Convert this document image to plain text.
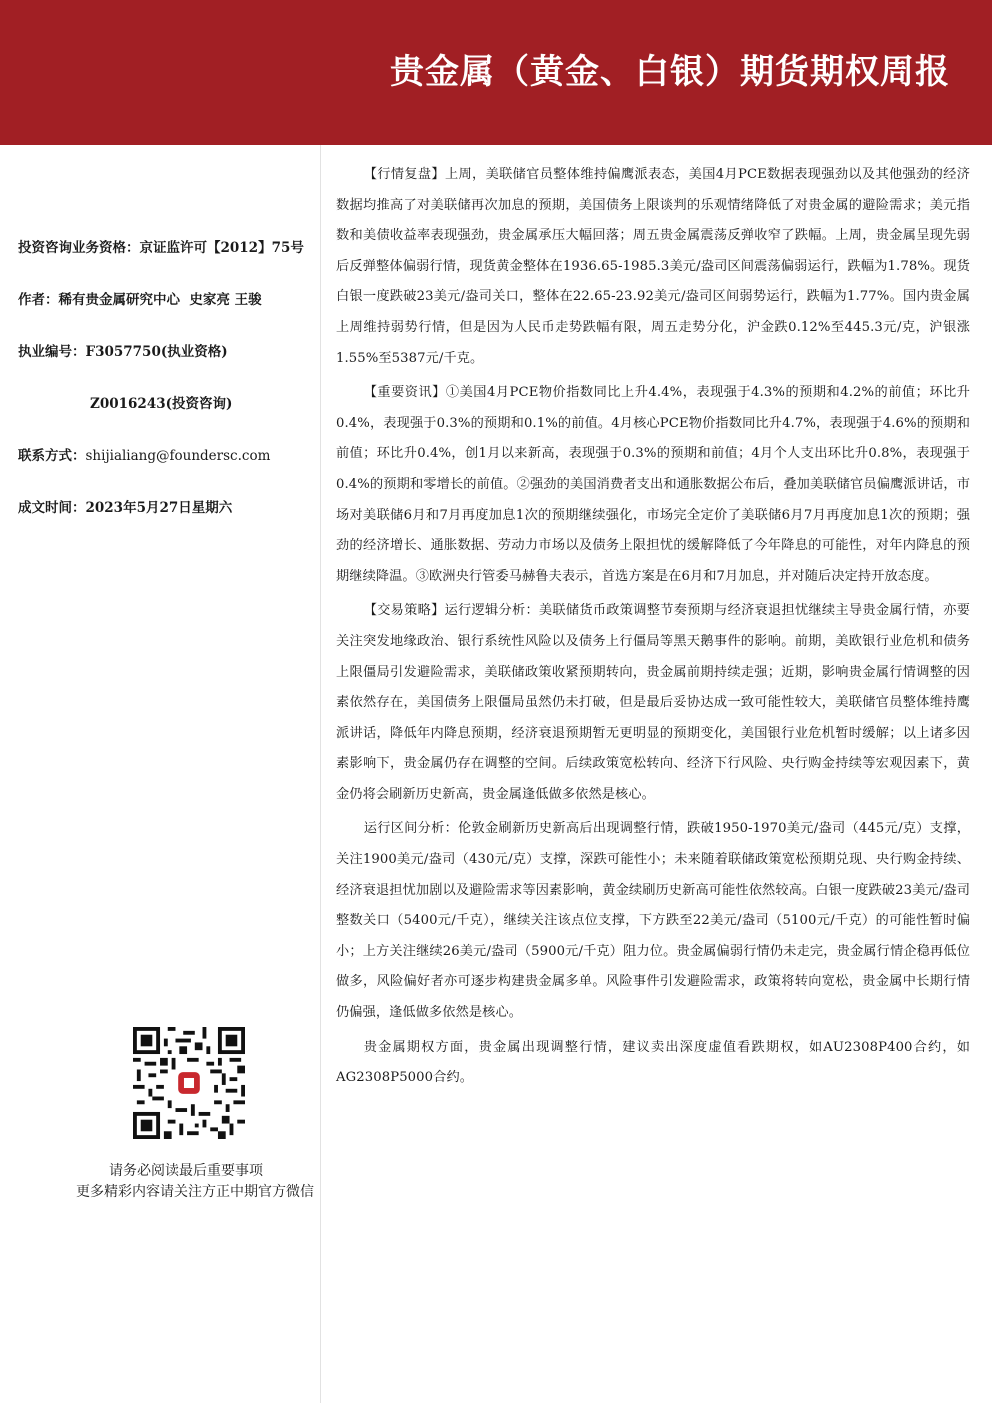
贵金属（黄金、白银）期货期权周报
投资咨询业务资格：京证监许可【2012】75号
作者：稀有贵金属研究中心  史家亮 王骏
执业编号：F3057750(执业资格)
Z0016243(投资咨询)
联系方式：shijialiang@foundersc.com
成文时间：2023年5月27日星期六
更多精彩内容请关注方正中期官方微信
请务必阅读最后重要事项

【行情复盘】上周，美联储官员整体维持偏鹰派表态，美国4月PCE数据表现强劲以及其他强劲的经济数据均推高了对美联储再次加息的预期，美国债务上限谈判的乐观情绪降低了对贵金属的避险需求；美元指数和美债收益率表现强劲，贵金属承压大幅回落；周五贵金属震荡反弹收窄了跌幅。上周，贵金属呈现先弱后反弹整体偏弱行情，现货黄金整体在1936.65-1985.3美元/盎司区间震荡偏弱运行，跌幅为1.78%。现货白银一度跌破23美元/盎司关口，整体在22.65-23.92美元/盎司区间弱势运行，跌幅为1.77%。国内贵金属上周维持弱势行情，但是因为人民币走势跌幅有限，周五走势分化，沪金跌0.12%至445.3元/克，沪银涨1.55%至5387元/千克。

【重要资讯】①美国4月PCE物价指数同比上升4.4%，表现强于4.3%的预期和4.2%的前值；环比升0.4%，表现强于0.3%的预期和0.1%的前值。4月核心PCE物价指数同比升4.7%，表现强于4.6%的预期和前值；环比升0.4%，创1月以来新高，表现强于0.3%的预期和前值；4月个人支出环比升0.8%，表现强于0.4%的预期和零增长的前值。②强劲的美国消费者支出和通胀数据公布后，叠加美联储官员偏鹰派讲话，市场对美联储6月和7月再度加息1次的预期继续强化，市场完全定价了美联储6月7月再度加息1次的预期；强劲的经济增长、通胀数据、劳动力市场以及债务上限担忧的缓解降低了今年降息的可能性，对年内降息的预期继续降温。③欧洲央行管委马赫鲁夫表示，首选方案是在6月和7月加息，并对随后决定持开放态度。

【交易策略】运行逻辑分析：美联储货币政策调整节奏预期与经济衰退担忧继续主导贵金属行情，亦要关注突发地缘政治、银行系统性风险以及债务上行僵局等黑天鹅事件的影响。前期，美欧银行业危机和债务上限僵局引发避险需求，美联储政策收紧预期转向，贵金属前期持续走强；近期，影响贵金属行情调整的因素依然存在，美国债务上限僵局虽然仍未打破，但是最后妥协达成一致可能性较大，美联储官员整体维持鹰派讲话，降低年内降息预期，经济衰退预期暂无更明显的预期变化，美国银行业危机暂时缓解；以上诸多因素影响下，贵金属仍存在调整的空间。后续政策宽松转向、经济下行风险、央行购金持续等宏观因素下，黄金仍将会刷新历史新高，贵金属逢低做多依然是核心。

运行区间分析：伦敦金刷新历史新高后出现调整行情，跌破1950-1970美元/盎司（445元/克）支撑，关注1900美元/盎司（430元/克）支撑，深跌可能性小；未来随着联储政策宽松预期兑现、央行购金持续、经济衰退担忧加剧以及避险需求等因素影响，黄金续刷历史新高可能性依然较高。白银一度跌破23美元/盎司整数关口（5400元/千克），继续关注该点位支撑，下方跌至22美元/盎司（5100元/千克）的可能性暂时偏小；上方关注继续26美元/盎司（5900元/千克）阻力位。贵金属偏弱行情仍未走完，贵金属行情企稳再低位做多，风险偏好者亦可逐步构建贵金属多单。风险事件引发避险需求，政策将转向宽松，贵金属中长期行情仍偏强，逢低做多依然是核心。

贵金属期权方面，贵金属出现调整行情，建议卖出深度虚值看跌期权，如AU2308P400合约，如AG2308P5000合约。
